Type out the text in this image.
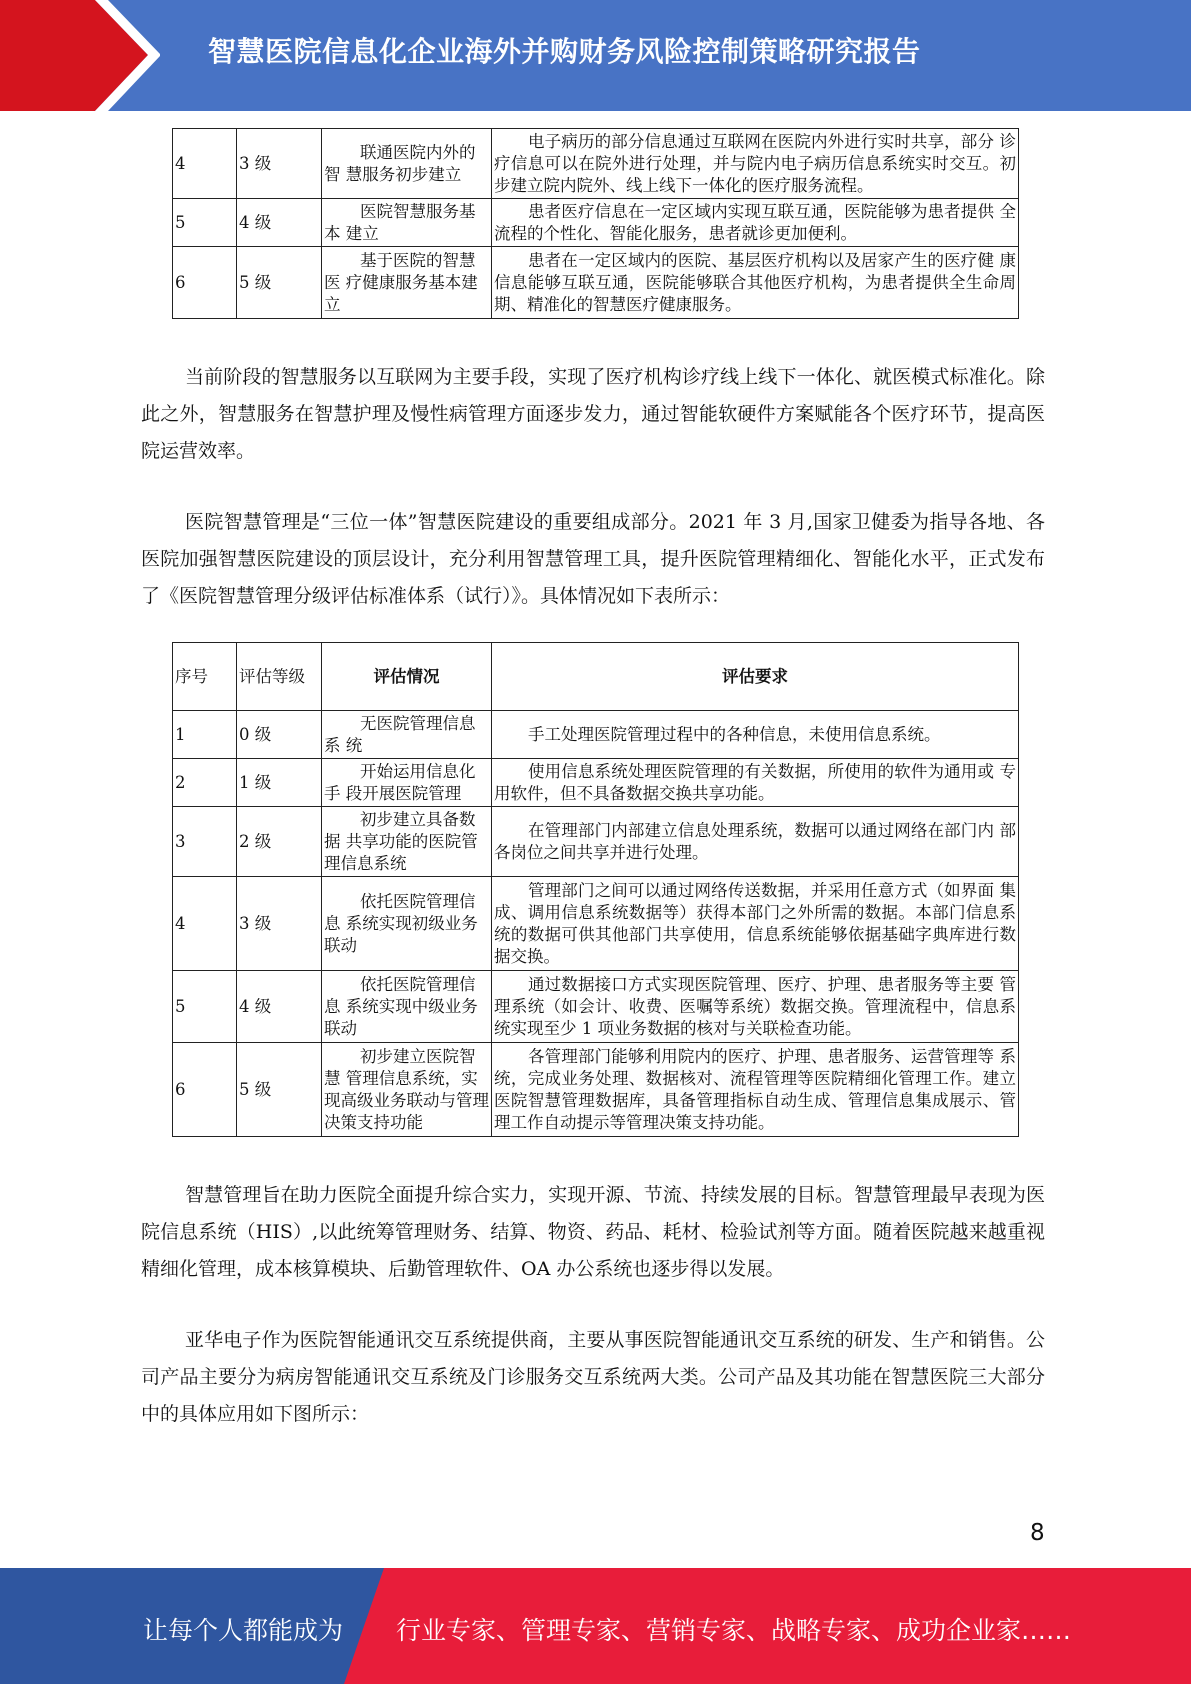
智慧医院信息化企业海外并购财务风险控制策略研究报告
4	3 级	联通医院内外的智 慧服务初步建立	电子病历的部分信息通过互联网在医院内外进行实时共享，部分 诊疗信息可以在院外进行处理，并与院内电子病历信息系统实时交互。初步建立院内院外、线上线下一体化的医疗服务流程。

5	4 级	医院智慧服务基本 建立	患者医疗信息在一定区域内实现互联互通，医院能够为患者提供 全流程的个性化、智能化服务，患者就诊更加便利。

6	5 级	基于医院的智慧医 疗健康服务基本建 立	患者在一定区域内的医院、基层医疗机构以及居家产生的医疗健 康信息能够互联互通，医院能够联合其他医疗机构，为患者提供全生命周期、精准化的智慧医疗健康服务。

当前阶段的智慧服务以互联网为主要手段，实现了医疗机构诊疗线上线下一体化、就医模式标准化。除此之外，智慧服务在智慧护理及慢性病管理方面逐步发力，通过智能软硬件方案赋能各个医疗环节，提高医院运营效率。

医院智慧管理是“三位一体”智慧医院建设的重要组成部分。2021 年 3 月,国家卫健委为指导各地、各医院加强智慧医院建设的顶层设计，充分利用智慧管理工具，提升医院管理精细化、智能化水平，正式发布了《医院智慧管理分级评估标准体系（试行）》。具体情况如下表所示：

序号	评估等级	评估情况	评估要求
1	0 级	无医院管理信息系 统	手工处理医院管理过程中的各种信息，未使用信息系统。

2	1 级	开始运用信息化手 段开展医院管理	使用信息系统处理医院管理的有关数据，所使用的软件为通用或 专用软件，但不具备数据交换共享功能。

3	2 级	初步建立具备数据 共享功能的医院管 理信息系统	在管理部门内部建立信息处理系统，数据可以通过网络在部门内 部各岗位之间共享并进行处理。

4	3 级	依托医院管理信息 系统实现初级业务 联动	管理部门之间可以通过网络传送数据，并采用任意方式（如界面 集成、调用信息系统数据等）获得本部门之外所需的数据。本部门信息系统的数据可供其他部门共享使用，信息系统能够依据基础字典库进行数据交换。

5	4 级	依托医院管理信息 系统实现中级业务 联动	通过数据接口方式实现医院管理、医疗、护理、患者服务等主要 管理系统（如会计、收费、医嘱等系统）数据交换。管理流程中，信息系统实现至少 1 项业务数据的核对与关联检查功能。

6	5 级	初步建立医院智慧 管理信息系统，实现高级业务联动与管理决策支持功能	各管理部门能够利用院内的医疗、护理、患者服务、运营管理等 系统，完成业务处理、数据核对、流程管理等医院精细化管理工作。建立医院智慧管理数据库，具备管理指标自动生成、管理信息集成展示、管理工作自动提示等管理决策支持功能。

智慧管理旨在助力医院全面提升综合实力，实现开源、节流、持续发展的目标。智慧管理最早表现为医院信息系统（HIS）,以此统筹管理财务、结算、物资、药品、耗材、检验试剂等方面。随着医院越来越重视精细化管理，成本核算模块、后勤管理软件、OA 办公系统也逐步得以发展。

亚华电子作为医院智能通讯交互系统提供商，主要从事医院智能通讯交互系统的研发、生产和销售。公司产品主要分为病房智能通讯交互系统及门诊服务交互系统两大类。公司产品及其功能在智慧医院三大部分中的具体应用如下图所示：

8
让每个人都能成为 行业专家、管理专家、营销专家、战略专家、成功企业家……
